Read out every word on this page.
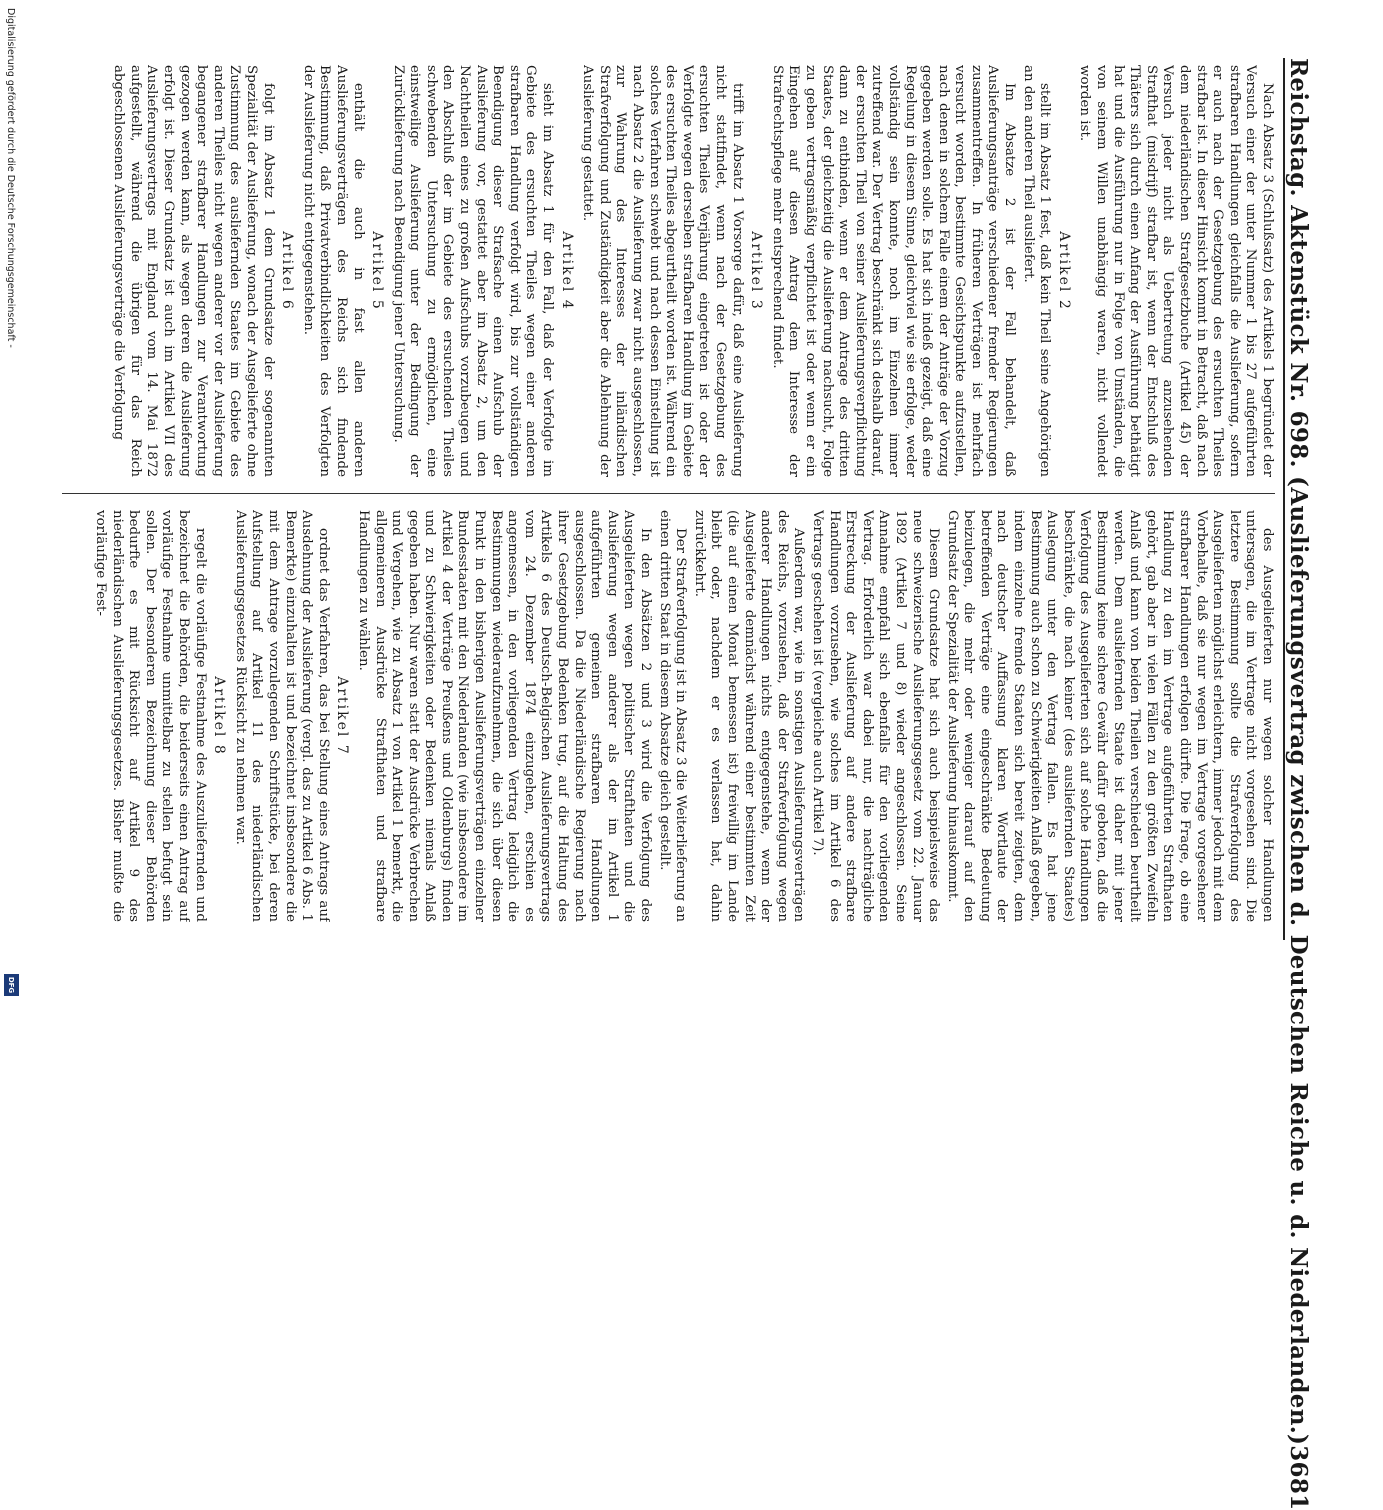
Reichstag. Aktenstück Nr. 698. (Auslieferungsvertrag zwischen d. Deutschen Reiche u. d. Niederlanden.)
3681

Nach Absatz 3 (Schlußsatz) des Artikels 1 begründet der Versuch einer der unter Nummer 1 bis 27 aufgeführten strafbaren Handlungen gleichfalls die Auslieferung, sofern er auch nach der Gesetzgebung des ersuchten Theiles strafbar ist. In dieser Hinsicht kommt in Betracht, daß nach dem niederländischen Strafgesetzbuche (Artikel 45) der Versuch jeder nicht als Uebertretung anzusehenden Strafthat (misdrijf) strafbar ist, wenn der Entschluß des Thäters sich durch einen Anfang der Ausführung bethätigt hat und die Ausführung nur in Folge von Umständen, die von seinem Willen unabhängig waren, nicht vollendet worden ist.

Artikel 2

stellt im Absatz 1 fest, daß kein Theil seine Angehörigen an den anderen Theil ausliefert.

Im Absatze 2 ist der Fall behandelt, daß Auslieferungsanträge verschiedener fremder Regierungen zusammentreffen. In früheren Verträgen ist mehrfach versucht worden, bestimmte Gesichtspunkte aufzustellen, nach denen in solchem Falle einem der Anträge der Vorzug gegeben werden solle. Es hat sich indeß gezeigt, daß eine Regelung in diesem Sinne, gleichviel wie sie erfolge, weder vollständig sein konnte, noch im Einzelnen immer zutreffend war. Der Vertrag beschränkt sich deshalb darauf, der ersuchten Theil von seiner Auslieferungsverpflichtung dann zu entbinden, wenn er dem Antrage des dritten Staates, der gleichzeitig die Auslieferung nachsucht, Folge zu geben vertragsmäßig verpflichtet ist oder wenn er ein Eingehen auf diesen Antrag dem Interesse der Strafrechtspflege mehr entsprechend findet.

Artikel 3

trifft im Absatz 1 Vorsorge dafür, daß eine Auslieferung nicht stattfindet, wenn nach der Gesetzgebung des ersuchten Theiles Verjährung eingetreten ist oder der Verfolgte wegen derselben strafbaren Handlung im Gebiete des ersuchten Theiles abgeurtheilt worden ist. Während ein solches Verfahren schwebt und nach dessen Einstellung ist nach Absatz 2 die Auslieferung zwar nicht ausgeschlossen, zur Wahrung des Interesses der inländischen Strafverfolgung und Zuständigkeit aber die Ablehnung der Auslieferung gestattet.

Artikel 4

sieht im Absatz 1 für den Fall, daß der Verfolgte im Gebiete des ersuchten Theiles wegen einer anderen strafbaren Handlung verfolgt wird, bis zur vollständigen Beendigung dieser Strafsache einen Aufschub der Auslieferung vor, gestattet aber im Absatz 2, um den Nachtheilen eines zu großen Aufschubs vorzubeugen und den Abschluß der im Gebiete des ersuchenden Theiles schwebenden Untersuchung zu ermöglichen, eine einstweilige Auslieferung unter der Bedingung der Zurücklieferung nach Beendigung jener Untersuchung.

Artikel 5

enthält die auch in fast allen anderen Auslieferungsverträgen des Reichs sich findende Bestimmung, daß Privatverbindlichkeiten des Verfolgten der Auslieferung nicht entgegenstehen.

Artikel 6

folgt im Absatz 1 dem Grundsatze der sogenannten Spezialität der Auslieferung, wonach der Ausgelieferte ohne Zustimmung des ausliefernden Staates im Gebiete des anderen Theiles nicht wegen anderer vor der Auslieferung begangener strafbarer Handlungen zur Verantwortung gezogen werden kann, als wegen deren die Auslieferung erfolgt ist. Dieser Grundsatz ist auch im Artikel VII des Auslieferungsvertrags mit England vom 14. Mai 1872 aufgestellt, während die übrigen für das Reich abgeschlossenen Auslieferungsverträge die Verfolgung

des Ausgelieferten nur wegen solcher Handlungen untersagen, die im Vertrage nicht vorgesehen sind. Die letztere Bestimmung sollte die Strafverfolgung des Ausgelieferten möglichst erleichtern, immer jedoch mit dem Vorbehalte, daß sie nur wegen im Vertrage vorgesehener strafbarer Handlungen erfolgen dürfte. Die Frage, ob eine Handlung zu den im Vertrage aufgeführten Strafthaten gehört, gab aber in vielen Fällen zu den größten Zweifeln Anlaß und kann von beiden Theilen verschieden beurtheilt werden. Dem ausliefernden Staate ist daher mit jener Bestimmung keine sichere Gewähr dafür geboten, daß die Verfolgung des Ausgelieferten sich auf solche Handlungen beschränkte, die nach keiner (des ausliefernden Staates) Auslegung unter den Vertrag fallen. Es hat jene Bestimmung auch schon zu Schwierigkeiten Anlaß gegeben, indem einzelne fremde Staaten sich bereit zeigten, dem nach deutscher Auffassung klaren Wortlaute der betreffenden Verträge eine eingeschränkte Bedeutung beizulegen, die mehr oder weniger darauf auf den Grundsatz der Spezialität der Auslieferung hinauskommt.

Diesem Grundsatze hat sich auch beispielsweise das neue schweizerische Auslieferungsgesetz vom 22. Januar 1892 (Artikel 7 und 8) wieder angeschlossen. Seine Annahme empfahl sich ebenfalls für den vorliegenden Vertrag. Erforderlich war dabei nur, die nachträgliche Erstreckung der Auslieferung auf andere strafbare Handlungen vorzusehen, wie solches im Artikel 6 des Vertrags geschehen ist (vergleiche auch Artikel 7).

Außerdem war, wie in sonstigen Auslieferungsverträgen des Reichs, vorzusehen, daß der Strafverfolgung wegen anderer Handlungen nichts entgegenstehe, wenn der Ausgelieferte demnächst während einer bestimmten Zeit (die auf einen Monat bemessen ist) freiwillig im Lande bleibt oder, nachdem er es verlassen hat, dahin zurückkehrt.

Der Strafverfolgung ist in Absatz 3 die Weiterlieferung an einen dritten Staat in diesem Absatze gleich gestellt.

In den Absätzen 2 und 3 wird die Verfolgung des Ausgelieferten wegen politischer Strafthaten und die Auslieferung wegen anderer als der im Artikel 1 aufgeführten gemeinen strafbaren Handlungen ausgeschlossen. Da die Niederländische Regierung nach ihrer Gesetzgebung Bedenken trug, auf die Haltung des Artikels 6 des Deutsch-Belgischen Auslieferungsvertrags vom 24. Dezember 1874 einzugehen, erschien es angemessen, in den vorliegenden Vertrag lediglich die Bestimmungen wiederaufzunehmen, die sich über diesen Punkt in den bisherigen Auslieferungsverträgen einzelner Bundesstaaten mit den Niederlanden (wie insbesondere im Artikel 4 der Verträge Preußens und Oldenburgs) finden und zu Schwierigkeiten oder Bedenken niemals Anlaß gegeben haben. Nur waren statt der Ausdrücke Verbrechen und Vergehen, wie zu Absatz 1 von Artikel 1 bemerkt, die allgemeineren Ausdrücke Strafthaten und strafbare Handlungen zu wählen.

Artikel 7

ordnet das Verfahren, das bei Stellung eines Antrags auf Ausdehnung der Auslieferung (vergl. das zu Artikel 6 Abs. 1 Bemerkte) einzuhalten ist und bezeichnet insbesondere die mit dem Antrage vorzulegenden Schriftstücke, bei deren Aufstellung auf Artikel 11 des niederländischen Auslieferungsgesetzes Rücksicht zu nehmen war.

Artikel 8

regelt die vorläufige Festnahme des Auszuliefernden und bezeichnet die Behörden, die beiderseits einen Antrag auf vorläufige Festnahme unmittelbar zu stellen befugt sein sollen. Der besonderen Bezeichnung dieser Behörden bedurfte es mit Rücksicht auf Artikel 9 des niederländischen Auslieferungsgesetzes. Bisher mußte die vorläufige Fest-

Digitalisierung gefördert durch die Deutsche Forschungsgemeinschaft -
DFG
